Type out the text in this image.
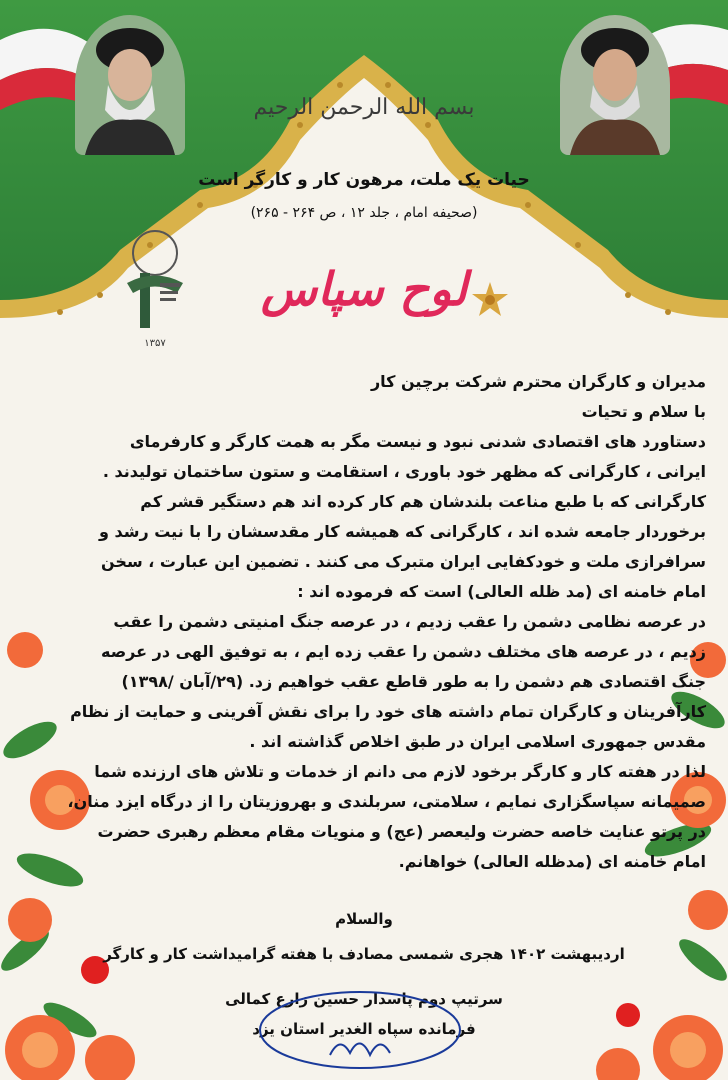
بسم الله الرحمن الرحیم
حیات یک ملت، مرهون کار و کارگر است
(صحیفه امام ، جلد ۱۲ ، ص ۲۶۴ - ۲۶۵)
لوح سپاس
۱۳۵۷
مدیران و کارگران محترم شرکت برچین کار
با سلام و تحیات
دستاورد های اقتصادی شدنی نبود و نیست مگر به همت کارگر و کارفرمای
ایرانی ، کارگرانی که مظهر خود باوری ، استقامت و ستون ساختمان تولیدند .
کارگرانی که با طبع مناعت بلندشان هم کار کرده اند هم دستگیر قشر کم
برخوردار جامعه شده اند ، کارگرانی که همیشه کار مقدسشان را با نیت رشد و
سرافرازی ملت و خودکفایی ایران متبرک می کنند . تضمین این عبارت ، سخن
امام خامنه ای (مد ظله العالی) است که فرموده اند :
در عرصه نظامی دشمن را عقب زدیم ، در عرصه جنگ امنیتی دشمن را عقب
زدیم ، در عرصه های مختلف دشمن را عقب زده ایم ، به توفیق الهی در عرصه
جنگ اقتصادی هم دشمن را به طور قاطع عقب خواهیم زد. (۲۹/آبان /۱۳۹۸)
کارآفرینان و کارگران تمام داشته های خود را برای نقش آفرینی و حمایت از نظام
مقدس جمهوری اسلامی ایران در طبق اخلاص گذاشته اند .
لذا در هفته کار و کارگر برخود لازم می دانم از خدمات و تلاش های ارزنده شما
صمیمانه سپاسگزاری نمایم ، سلامتی، سربلندی و بهروزیتان را از درگاه ایزد منان،
در پرتو عنایت خاصه حضرت ولیعصر (عج) و منویات مقام معظم رهبری حضرت
امام خامنه ای (مدظله العالی) خواهانم.
والسلام
اردیبهشت ۱۴۰۲ هجری شمسی مصادف با هفته گرامیداشت کار و کارگر
سرتیپ دوم پاسدار حسین زارع کمالی
فرمانده سپاه الغدیر استان یزد
